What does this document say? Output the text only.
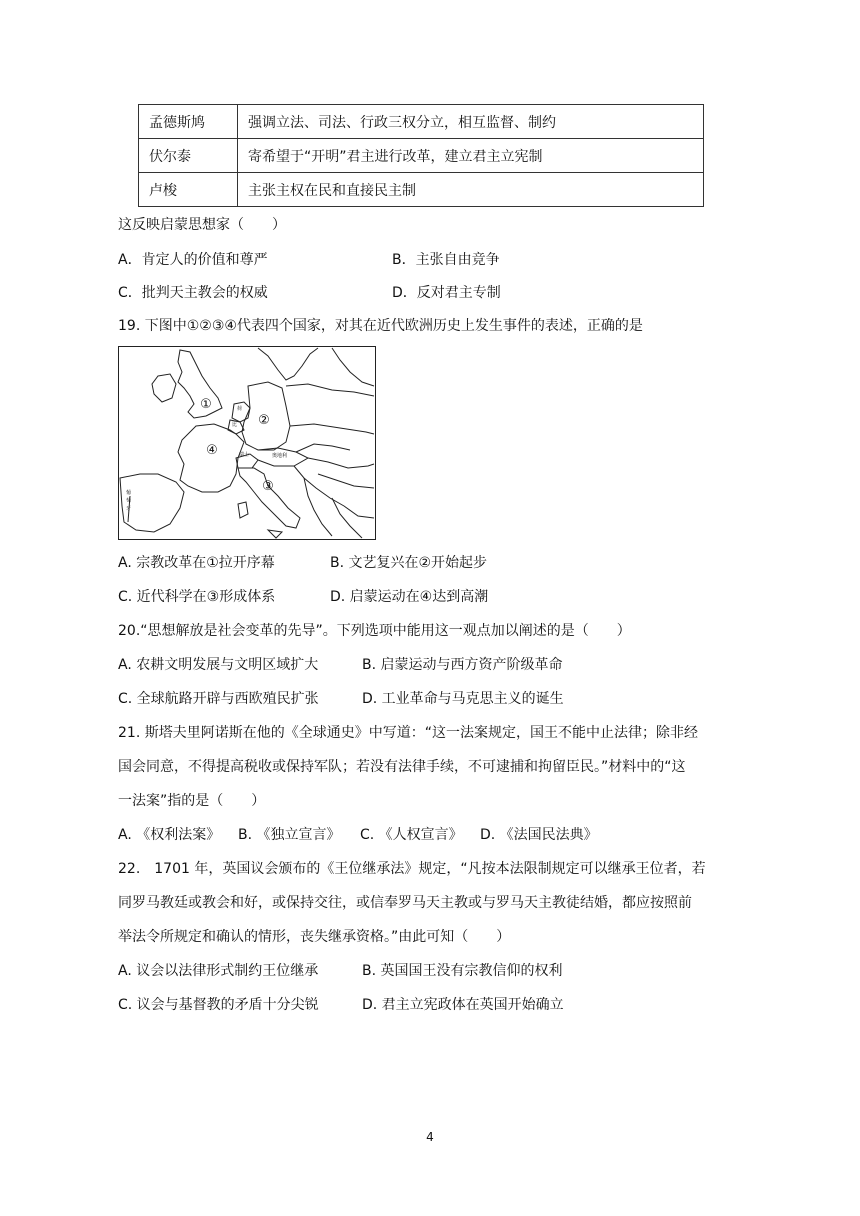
孟德斯鸠	强调立法、司法、行政三权分立，相互监督、制约
伏尔泰	寄希望于“开明”君主进行改革，建立君主立宪制
卢梭	主张主权在民和直接民主制
这反映启蒙思想家（　　）
A．肯定人的价值和尊严	B．主张自由竞争
C．批判天主教会的权威	D．反对君主专制
19. 下图中①②③④代表四个国家，对其在近代欧洲历史上发生事件的表述，正确的是
①
②
③
④	瑞士	奥地利
葡
萄
牙
荷
比
A. 宗教改革在①拉开序幕	B. 文艺复兴在②开始起步
C. 近代科学在③形成体系	D. 启蒙运动在④达到高潮
20.“思想解放是社会变革的先导”。下列选项中能用这一观点加以阐述的是（　　）
A. 农耕文明发展与文明区域扩大	B. 启蒙运动与西方资产阶级革命
C. 全球航路开辟与西欧殖民扩张	D. 工业革命与马克思主义的诞生
21. 斯塔夫里阿诺斯在他的《全球通史》中写道：“这一法案规定，国王不能中止法律；除非经
国会同意，不得提高税收或保持军队；若没有法律手续，不可逮捕和拘留臣民。”材料中的“这
一法案”指的是（　　）
A. 《权利法案》 B. 《独立宣言》 C. 《人权宣言》 D. 《法国民法典》
22.　1701 年，英国议会颁布的《王位继承法》规定，“凡按本法限制规定可以继承王位者，若
同罗马教廷或教会和好，或保持交往，或信奉罗马天主教或与罗马天主教徒结婚，都应按照前
举法令所规定和确认的情形，丧失继承资格。”由此可知（　　）
A. 议会以法律形式制约王位继承	B. 英国国王没有宗教信仰的权利
C. 议会与基督教的矛盾十分尖锐	D. 君主立宪政体在英国开始确立
4
